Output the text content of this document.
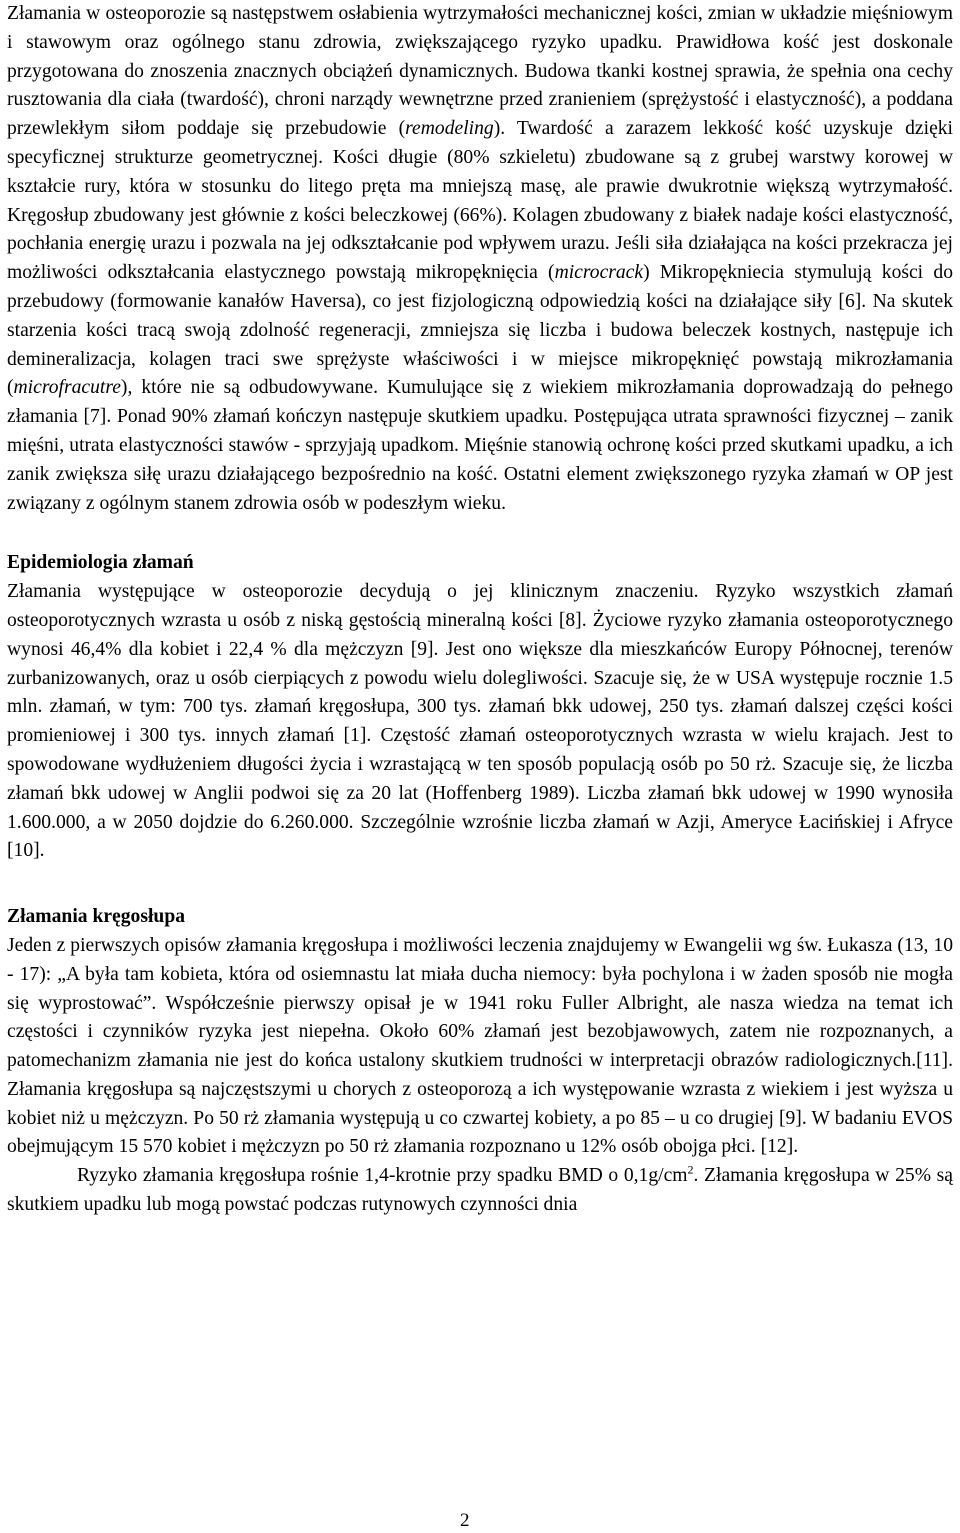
Złamania w osteoporozie są następstwem osłabienia wytrzymałości mechanicznej kości, zmian w układzie mięśniowym i stawowym oraz ogólnego stanu zdrowia, zwiększającego ryzyko upadku. Prawidłowa kość jest doskonale przygotowana do znoszenia znacznych obciążeń dynamicznych. Budowa tkanki kostnej sprawia, że spełnia ona cechy rusztowania dla ciała (twardość), chroni narządy wewnętrzne przed zranieniem (sprężystość i elastyczność), a poddana przewlekłym siłom poddaje się przebudowie (remodeling). Twardość a zarazem lekkość kość uzyskuje dzięki specyficznej strukturze geometrycznej. Kości długie (80% szkieletu) zbudowane są z grubej warstwy korowej w kształcie rury, która w stosunku do litego pręta ma mniejszą masę, ale prawie dwukrotnie większą wytrzymałość. Kręgosłup zbudowany jest głównie z kości beleczkowej (66%). Kolagen zbudowany z białek nadaje kości elastyczność, pochłania energię urazu i pozwala na jej odkształcanie pod wpływem urazu. Jeśli siła działająca na kości przekracza jej możliwości odkształcania elastycznego powstają mikropęknięcia (microcrack) Mikropękniecia stymulują kości do przebudowy (formowanie kanałów Haversa), co jest fizjologiczną odpowiedzią kości na działające siły [6]. Na skutek starzenia kości tracą swoją zdolność regeneracji, zmniejsza się liczba i budowa beleczek kostnych, następuje ich demineralizacja, kolagen traci swe sprężyste właściwości i w miejsce mikropęknięć powstają mikrozłamania (microfracutre), które nie są odbudowywane. Kumulujące się z wiekiem mikrozłamania doprowadzają do pełnego złamania [7]. Ponad 90% złamań kończyn następuje skutkiem upadku. Postępująca utrata sprawności fizycznej – zanik mięśni, utrata elastyczności stawów - sprzyjają upadkom. Mięśnie stanowią ochronę kości przed skutkami upadku, a ich zanik zwiększa siłę urazu działającego bezpośrednio na kość. Ostatni element zwiększonego ryzyka złamań w OP jest związany z ogólnym stanem zdrowia osób w podeszłym wieku.

Epidemiologia złamań

Złamania występujące w osteoporozie decydują o jej klinicznym znaczeniu. Ryzyko wszystkich złamań osteoporotycznych wzrasta u osób z niską gęstością mineralną kości [8]. Życiowe ryzyko złamania osteoporotycznego wynosi 46,4% dla kobiet i 22,4 % dla mężczyzn [9]. Jest ono większe dla mieszkańców Europy Północnej, terenów zurbanizowanych, oraz u osób cierpiących z powodu wielu dolegliwości. Szacuje się, że w USA występuje rocznie 1.5 mln. złamań, w tym: 700 tys. złamań kręgosłupa, 300 tys. złamań bkk udowej, 250 tys. złamań dalszej części kości promieniowej i 300 tys. innych złamań [1]. Częstość złamań osteoporotycznych wzrasta w wielu krajach. Jest to spowodowane wydłużeniem długości życia i wzrastającą w ten sposób populacją osób po 50 rż. Szacuje się, że liczba złamań bkk udowej w Anglii podwoi się za 20 lat (Hoffenberg 1989). Liczba złamań bkk udowej w 1990 wynosiła 1.600.000, a w 2050 dojdzie do 6.260.000. Szczególnie wzrośnie liczba złamań w Azji, Ameryce Łacińskiej i Afryce [10].

Złamania kręgosłupa

Jeden z pierwszych opisów złamania kręgosłupa i możliwości leczenia znajdujemy w Ewangelii wg św. Łukasza (13, 10 - 17): „A była tam kobieta, która od osiemnastu lat miała ducha niemocy: była pochylona i w żaden sposób nie mogła się wyprostować”. Współcześnie pierwszy opisał je w 1941 roku Fuller Albright, ale nasza wiedza na temat ich częstości i czynników ryzyka jest niepełna. Około 60% złamań jest bezobjawowych, zatem nie rozpoznanych, a patomechanizm złamania nie jest do końca ustalony skutkiem trudności w interpretacji obrazów radiologicznych.[11]. Złamania kręgosłupa są najczęstszymi u chorych z osteoporozą a ich występowanie wzrasta z wiekiem i jest wyższa u kobiet niż u mężczyzn. Po 50 rż złamania występują u co czwartej kobiety, a po 85 – u co drugiej [9]. W badaniu EVOS obejmującym 15 570 kobiet i mężczyzn po 50 rż złamania rozpoznano u 12% osób obojga płci. [12].

Ryzyko złamania kręgosłupa rośnie 1,4-krotnie przy spadku BMD o $0,1g/cm^2$. Złamania kręgosłupa w 25% są skutkiem upadku lub mogą powstać podczas rutynowych czynności dnia

2
